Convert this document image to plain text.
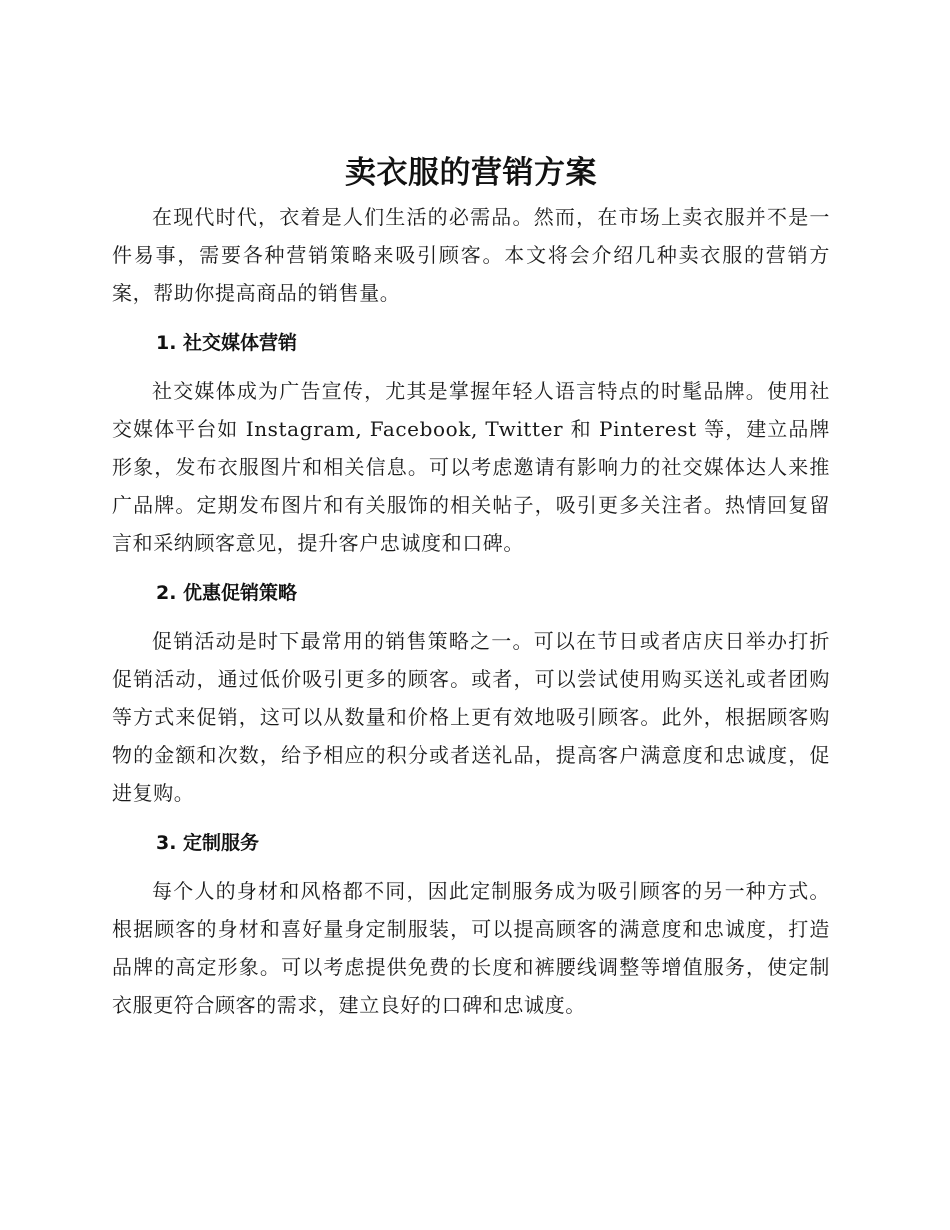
卖衣服的营销方案

在现代时代，衣着是人们生活的必需品。然而，在市场上卖衣服并不是一件易事，需要各种营销策略来吸引顾客。本文将会介绍几种卖衣服的营销方案，帮助你提高商品的销售量。

1. 社交媒体营销

社交媒体成为广告宣传，尤其是掌握年轻人语言特点的时髦品牌。使用社交媒体平台如 Instagram, Facebook, Twitter 和 Pinterest 等，建立品牌形象，发布衣服图片和相关信息。可以考虑邀请有影响力的社交媒体达人来推广品牌。定期发布图片和有关服饰的相关帖子，吸引更多关注者。热情回复留言和采纳顾客意见，提升客户忠诚度和口碑。

2. 优惠促销策略

促销活动是时下最常用的销售策略之一。可以在节日或者店庆日举办打折促销活动，通过低价吸引更多的顾客。或者，可以尝试使用购买送礼或者团购等方式来促销，这可以从数量和价格上更有效地吸引顾客。此外，根据顾客购物的金额和次数，给予相应的积分或者送礼品，提高客户满意度和忠诚度，促进复购。

3. 定制服务

每个人的身材和风格都不同，因此定制服务成为吸引顾客的另一种方式。根据顾客的身材和喜好量身定制服装，可以提高顾客的满意度和忠诚度，打造品牌的高定形象。可以考虑提供免费的长度和裤腰线调整等增值服务，使定制衣服更符合顾客的需求，建立良好的口碑和忠诚度。
